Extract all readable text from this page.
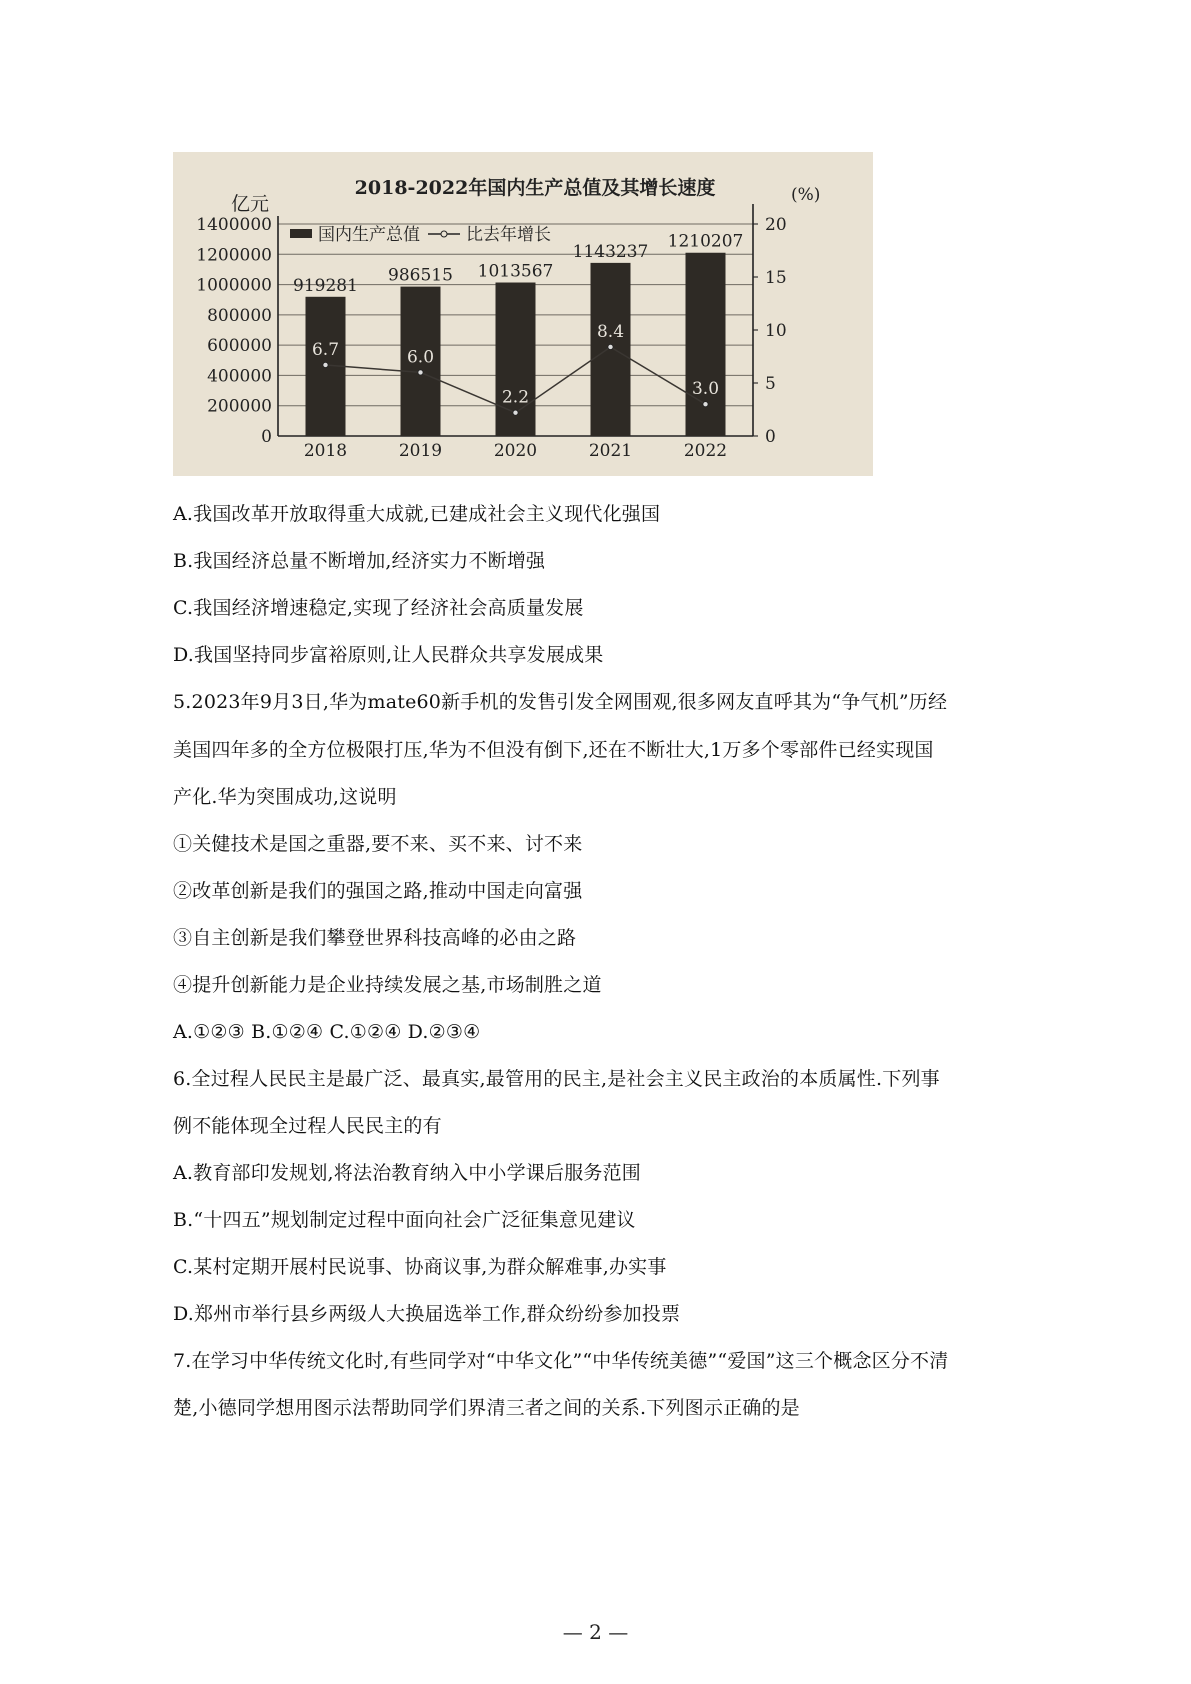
2018-2022年国内生产总值及其增长速度
亿元	(%)
0
200000
400000
600000
800000
1000000
1200000
1400000
0
5
10
15
20
919281
2018
986515
2019
1013567
2020
1143237
2021
1210207
2022
6.7	6.0
2.2
8.4
3.0
国内生产总值	比去年增长
A.我国改革开放取得重大成就,已建成社会主义现代化强国
B.我国经济总量不断增加,经济实力不断增强
C.我国经济增速稳定,实现了经济社会高质量发展
D.我国坚持同步富裕原则,让人民群众共享发展成果
5.2023年9月3日,华为mate60新手机的发售引发全网围观,很多网友直呼其为“争气机”历经
美国四年多的全方位极限打压,华为不但没有倒下,还在不断壮大,1万多个零部件已经实现国
产化.华为突围成功,这说明
①关健技术是国之重器,要不来、买不来、讨不来
②改革创新是我们的强国之路,推动中国走向富强
③自主创新是我们攀登世界科技高峰的必由之路
④提升创新能力是企业持续发展之基,市场制胜之道
A.①②③ B.①②④ C.①②④ D.②③④
6.全过程人民民主是最广泛、最真实,最管用的民主,是社会主义民主政治的本质属性.下列事
例不能体现全过程人民民主的有
A.教育部印发规划,将法治教育纳入中小学课后服务范围
B.“十四五”规划制定过程中面向社会广泛征集意见建议
C.某村定期开展村民说事、协商议事,为群众解难事,办实事
D.郑州市举行县乡两级人大换届选举工作,群众纷纷参加投票
7.在学习中华传统文化时,有些同学对“中华文化”“中华传统美德”“爱国”这三个概念区分不清
楚,小德同学想用图示法帮助同学们界清三者之间的关系.下列图示正确的是
— 2 —
